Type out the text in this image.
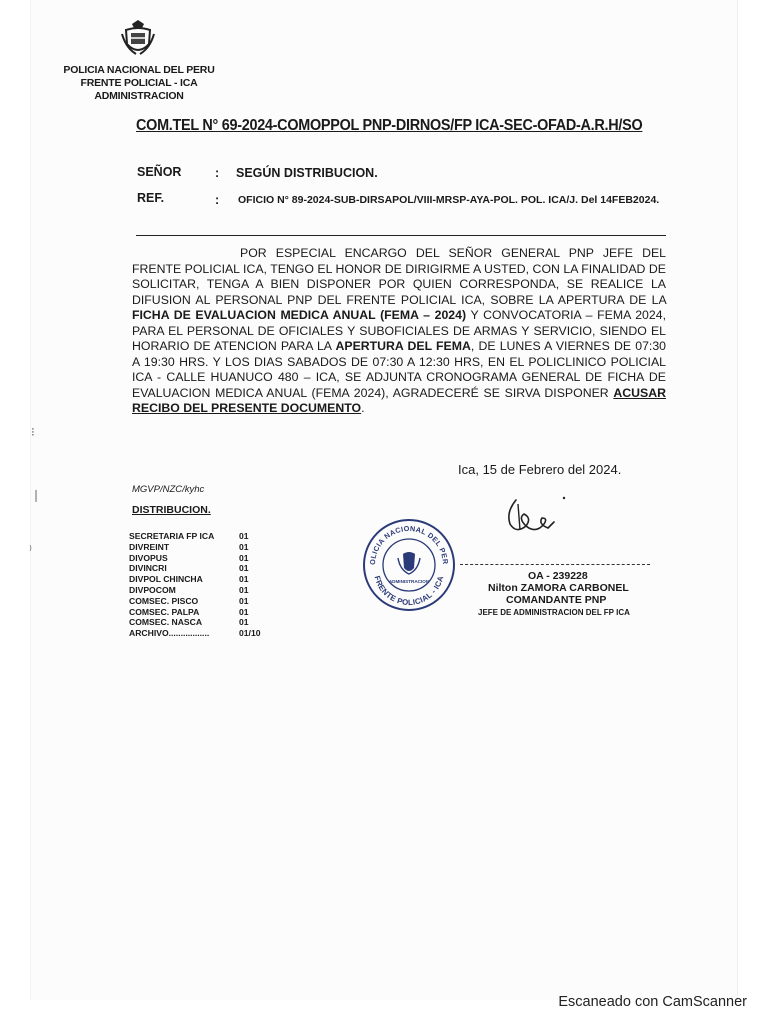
POLICIA NACIONAL DEL PERU
FRENTE POLICIAL - ICA
ADMINISTRACION
COM.TEL N° 69-2024-COMOPPOL PNP-DIRNOS/FP ICA-SEC-OFAD-A.R.H/SO
SEÑOR	: SEGÚN DISTRIBUCION.
REF.	: OFICIO N° 89-2024-SUB-DIRSAPOL/VIII-MRSP-AYA-POL. POL. ICA/J. Del 14FEB2024.
POR ESPECIAL ENCARGO DEL SEÑOR GENERAL PNP JEFE DEL FRENTE POLICIAL ICA, TENGO EL HONOR DE DIRIGIRME A USTED, CON LA FINALIDAD DE SOLICITAR, TENGA A BIEN DISPONER POR QUIEN CORRESPONDA, SE REALICE LA DIFUSION AL PERSONAL PNP DEL FRENTE POLICIAL ICA, SOBRE LA APERTURA DE LA FICHA DE EVALUACION MEDICA ANUAL (FEMA – 2024) Y CONVOCATORIA – FEMA 2024, PARA EL PERSONAL DE OFICIALES Y SUBOFICIALES DE ARMAS Y SERVICIO, SIENDO EL HORARIO DE ATENCION PARA LA APERTURA DEL FEMA, DE LUNES A VIERNES DE 07:30 A 19:30 HRS. Y LOS DIAS SABADOS DE 07:30 A 12:30 HRS, EN EL POLICLINICO POLICIAL ICA - CALLE HUANUCO 480 – ICA, SE ADJUNTA CRONOGRAMA GENERAL DE FICHA DE EVALUACION MEDICA ANUAL (FEMA 2024), AGRADECERÉ SE SIRVA DISPONER ACUSAR RECIBO DEL PRESENTE DOCUMENTO.
Ica, 15 de Febrero del 2024.
MGVP/NZC/kyhc
DISTRIBUCION.
SECRETARIA FP ICA	01
DIVREINT	01
DIVOPUS	01
DIVINCRI	01
DIVPOL CHINCHA	01
DIVPOCOM	01
COMSEC. PISCO	01
COMSEC. PALPA	01
COMSEC. NASCA	01
ARCHIVO.................	01/10
OLICIA NACIONAL DEL PER
FRENTE POLICIAL - ICA
ADMINISTRACION	OA - 239228
Nilton ZAMORA CARBONEL
COMANDANTE PNP
JEFE DE ADMINISTRACION DEL FP ICA
⁝
❘
⁾
Escaneado con CamScanner
